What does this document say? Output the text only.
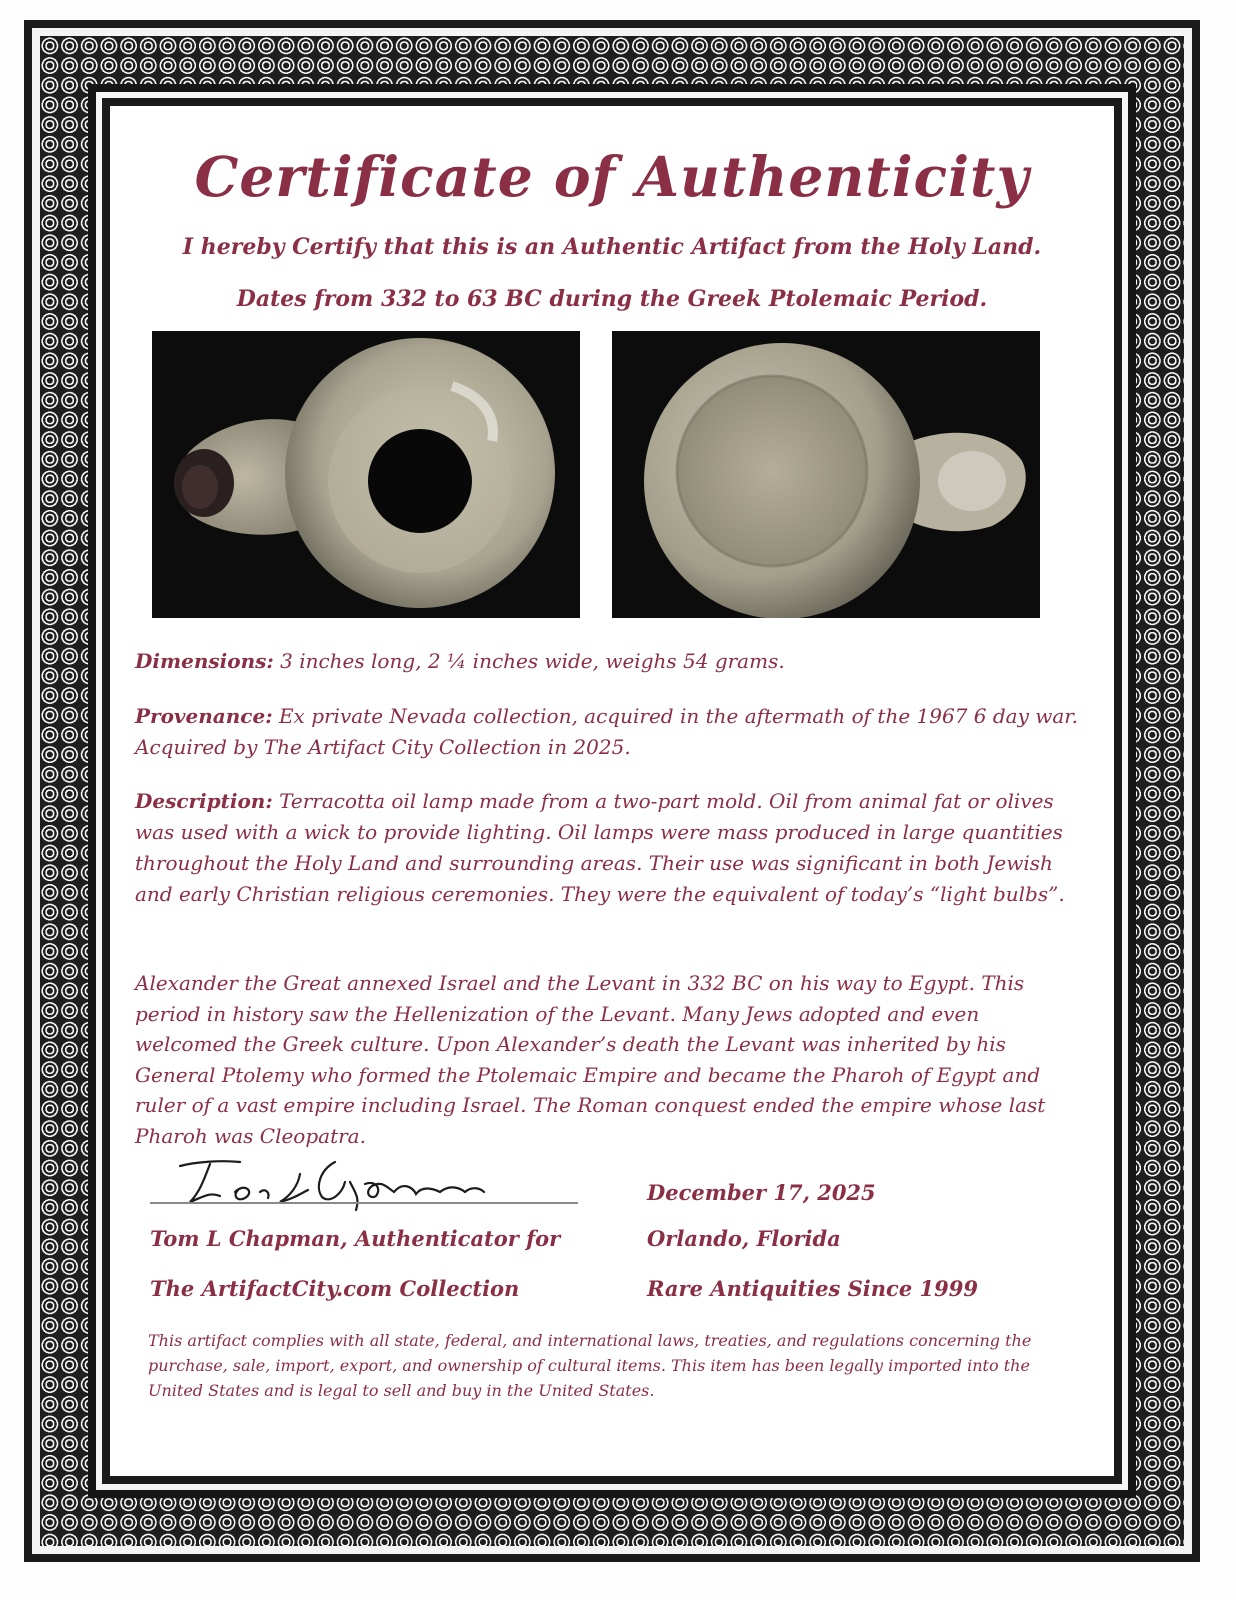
Certificate of Authenticity
I hereby Certify that this is an Authentic Artifact from the Holy Land.
Dates from 332 to 63 BC during the Greek Ptolemaic Period.
Dimensions: 3 inches long, 2 ¼ inches wide, weighs 54 grams.
Provenance: Ex private Nevada collection, acquired in the aftermath of the 1967 6 day war. Acquired by The Artifact City Collection in 2025.
Description: Terracotta oil lamp made from a two-part mold. Oil from animal fat or olives was used with a wick to provide lighting. Oil lamps were mass produced in large quantities throughout the Holy Land and surrounding areas. Their use was significant in both Jewish and early Christian religious ceremonies. They were the equivalent of today’s “light bulbs”.
Alexander the Great annexed Israel and the Levant in 332 BC on his way to Egypt. This period in history saw the Hellenization of the Levant. Many Jews adopted and even welcomed the Greek culture. Upon Alexander’s death the Levant was inherited by his General Ptolemy who formed the Ptolemaic Empire and became the Pharoh of Egypt and ruler of a vast empire including Israel. The Roman conquest ended the empire whose last Pharoh was Cleopatra.
Tom L Chapman, Authenticator for
The ArtifactCity.com Collection
December 17, 2025
Orlando, Florida
Rare Antiquities Since 1999
This artifact complies with all state, federal, and international laws, treaties, and regulations concerning the purchase, sale, import, export, and ownership of cultural items. This item has been legally imported into the United States and is legal to sell and buy in the United States.
